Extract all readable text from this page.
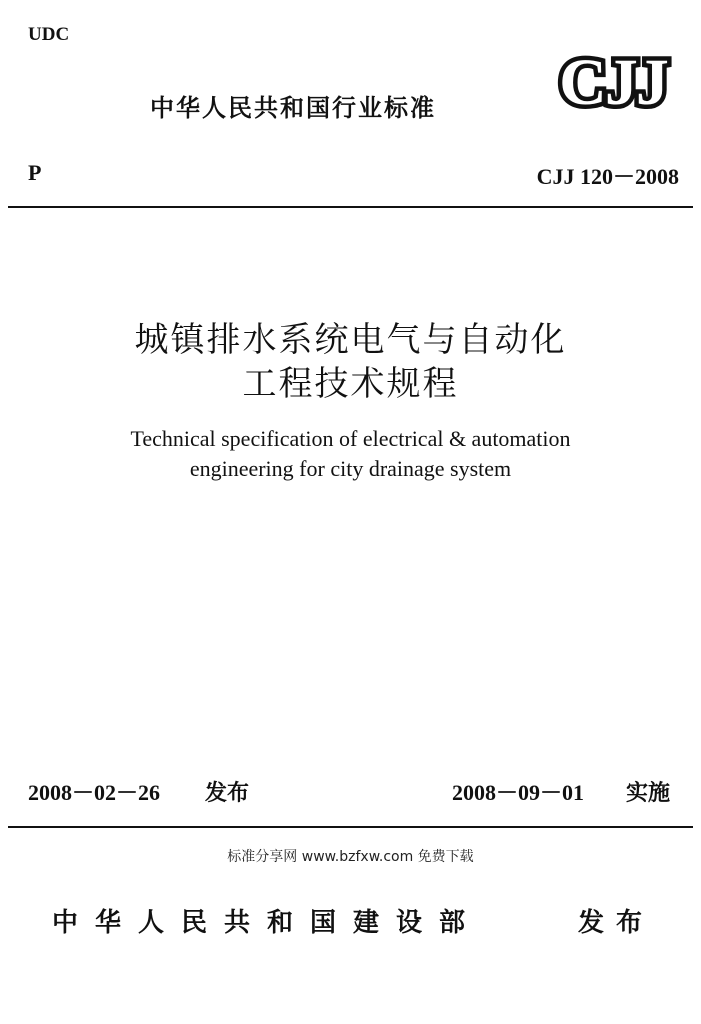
UDC
中华人民共和国行业标准 CJJ
P	CJJ 120－2008
城镇排水系统电气与自动化
工程技术规程
Technical specification of electrical & automation
engineering for city drainage system
2008－02－26 发布	2008－09－01 实施
标准分享网 www.bzfxw.com 免费下载
中华人民共和国建设部	发布
